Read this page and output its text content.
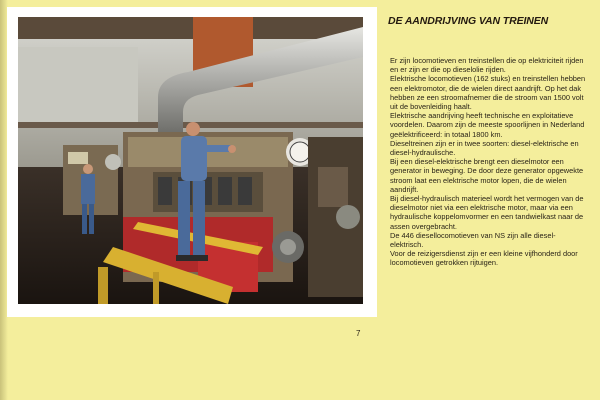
DE AANDRIJVING VAN TREINEN

Er zijn locomotieven en treinstellen die op elektriciteit rijden en er zijn er die op dieselolie rijden.

Elektrische locomotieven (162 stuks) en treinstellen hebben een elektromotor, die de wielen direct aandrijft. Op het dak hebben ze een stroomafnemer die de stroom van 1500 volt uit de bovenleiding haalt.

Elektrische aandrijving heeft technische en exploitatieve voordelen. Daarom zijn de meeste spoorlijnen in Nederland geëlektrificeerd: in totaal 1800 km.

Dieseltreinen zijn er in twee soorten: diesel-elektrische en diesel-hydraulische.

Bij een diesel-elektrische brengt een dieselmotor een generator in beweging. De door deze generator opgewekte stroom laat een elektrische motor lopen, die de wielen aandrijft.

Bij diesel-hydraulisch materieel wordt het vermogen van de dieselmotor niet via een elektrische motor, maar via een hydraulische koppelomvormer en een tandwielkast naar de assen overgebracht.

De 446 diesellocomotieven van NS zijn alle diesel-elektrisch.

Voor de reizigersdienst zijn er een kleine vijfhonderd door locomotieven getrokken rijtuigen.

7
